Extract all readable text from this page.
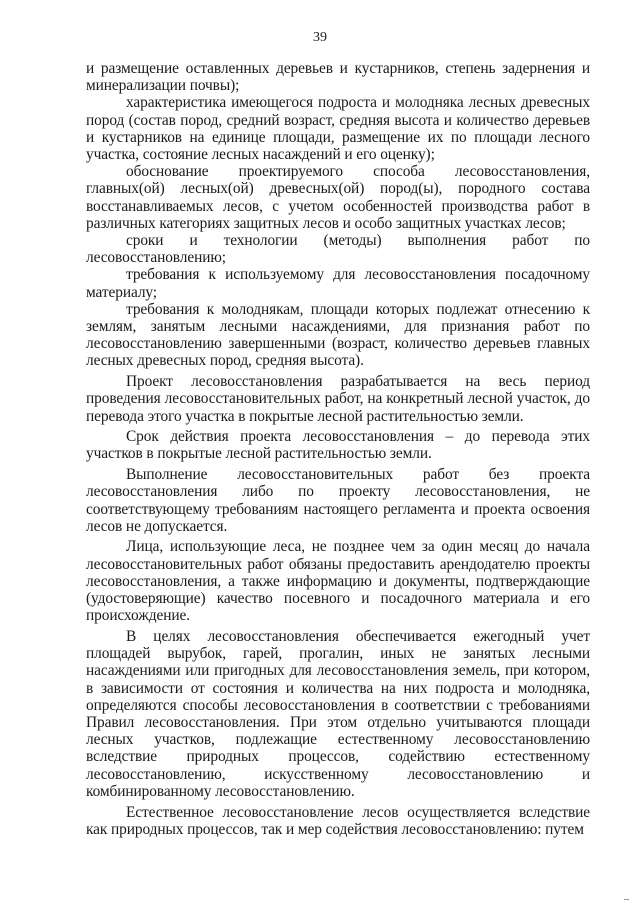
39

и размещение оставленных деревьев и кустарников, степень задернения и минерализации почвы);

характеристика имеющегося подроста и молодняка лесных древесных пород (состав пород, средний возраст, средняя высота и количество деревьев и кустарников на единице площади, размещение их по площади лесного участка, состояние лесных насаждений и его оценку);

обоснование проектируемого способа лесовосстановления, главных(ой) лесных(ой) древесных(ой) пород(ы), породного состава восстанавливаемых лесов, с учетом особенностей производства работ в различных категориях защитных лесов и особо защитных участках лесов;

сроки и технологии (методы) выполнения работ по лесовосстановлению;

требования к используемому для лесовосстановления посадочному материалу;

требования к молоднякам, площади которых подлежат отнесению к землям, занятым лесными насаждениями, для признания работ по лесовосстановлению завершенными (возраст, количество деревьев главных лесных древесных пород, средняя высота).

Проект лесовосстановления разрабатывается на весь период проведения лесовосстановительных работ, на конкретный лесной участок, до перевода этого участка в покрытые лесной растительностью земли.

Срок действия проекта лесовосстановления – до перевода этих участков в покрытые лесной растительностью земли.

Выполнение лесовосстановительных работ без проекта лесовосстановления либо по проекту лесовосстановления, не соответствующему требованиям настоящего регламента и проекта освоения лесов не допускается.

Лица, использующие леса, не позднее чем за один месяц до начала лесовосстановительных работ обязаны предоставить арендодателю проекты лесовосстановления, а также информацию и документы, подтверждающие (удостоверяющие) качество посевного и посадочного материала и его происхождение.

В целях лесовосстановления обеспечивается ежегодный учет площадей вырубок, гарей, прогалин, иных не занятых лесными насаждениями или пригодных для лесовосстановления земель, при котором, в зависимости от состояния и количества на них подроста и молодняка, определяются способы лесовосстановления в соответствии с требованиями Правил лесовосстановления. При этом отдельно учитываются площади лесных участков, подлежащие естественному лесовосстановлению вследствие природных процессов, содействию естественному лесовосстановлению, искусственному лесовосстановлению и комбинированному лесовосстановлению.

Естественное лесовосстановление лесов осуществляется вследствие как природных процессов, так и мер содействия лесовосстановлению: путем
